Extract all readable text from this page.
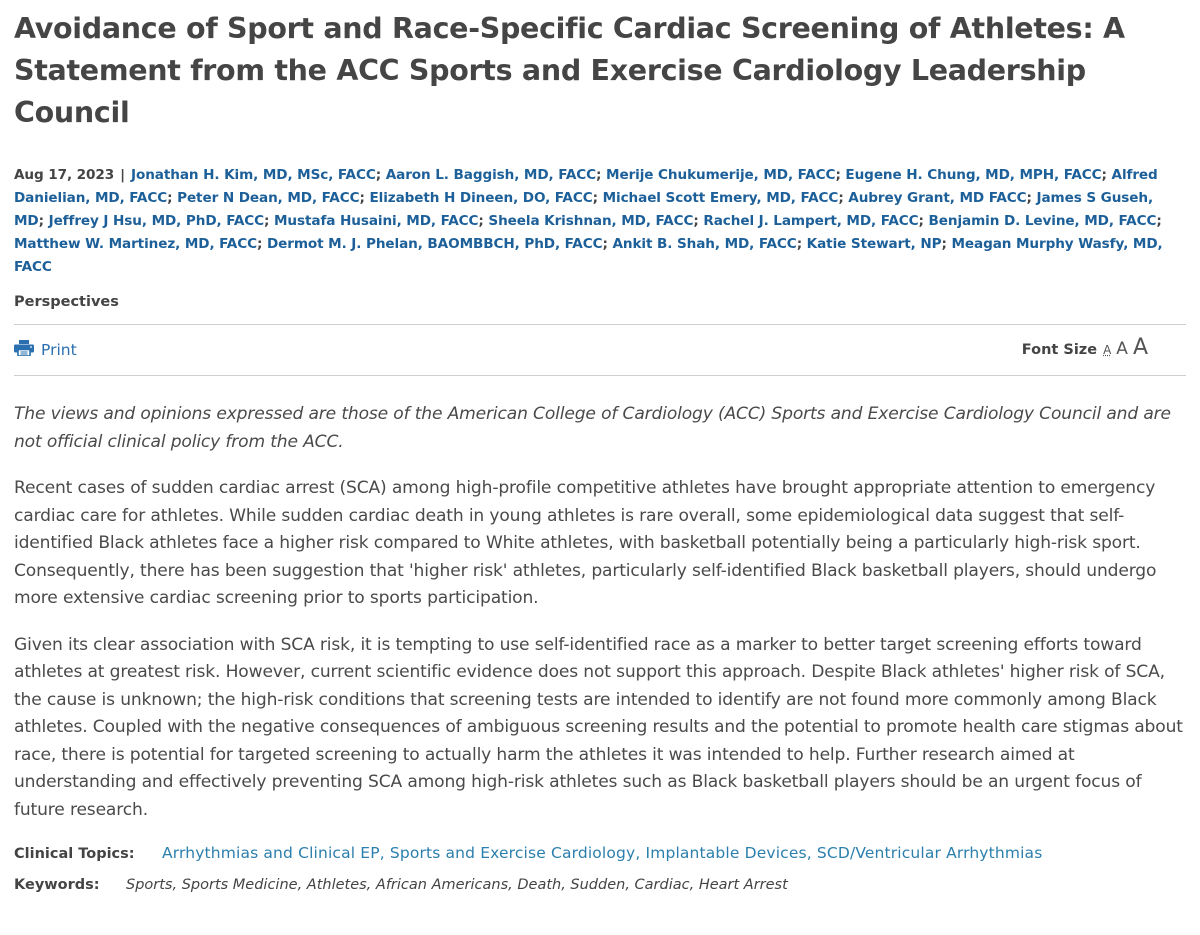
Avoidance of Sport and Race-Specific Cardiac Screening of Athletes: A Statement from the ACC Sports and Exercise Cardiology Leadership Council
Aug 17, 2023 | Jonathan H. Kim, MD, MSc, FACC; Aaron L. Baggish, MD, FACC; Merije Chukumerije, MD, FACC; Eugene H. Chung, MD, MPH, FACC; Alfred Danielian, MD, FACC; Peter N Dean, MD, FACC; Elizabeth H Dineen, DO, FACC; Michael Scott Emery, MD, FACC; Aubrey Grant, MD FACC; James S Guseh, MD; Jeffrey J Hsu, MD, PhD, FACC; Mustafa Husaini, MD, FACC; Sheela Krishnan, MD, FACC; Rachel J. Lampert, MD, FACC; Benjamin D. Levine, MD, FACC; Matthew W. Martinez, MD, FACC; Dermot M. J. Phelan, BAOMBBCH, PhD, FACC; Ankit B. Shah, MD, FACC; Katie Stewart, NP; Meagan Murphy Wasfy, MD, FACC
Perspectives
Print	Font Size A A A

The views and opinions expressed are those of the American College of Cardiology (ACC) Sports and Exercise Cardiology Council and are not official clinical policy from the ACC.

Recent cases of sudden cardiac arrest (SCA) among high-profile competitive athletes have brought appropriate attention to emergency cardiac care for athletes. While sudden cardiac death in young athletes is rare overall, some epidemiological data suggest that self-identified Black athletes face a higher risk compared to White athletes, with basketball potentially being a particularly high-risk sport. Consequently, there has been suggestion that 'higher risk' athletes, particularly self-identified Black basketball players, should undergo more extensive cardiac screening prior to sports participation.

Given its clear association with SCA risk, it is tempting to use self-identified race as a marker to better target screening efforts toward athletes at greatest risk. However, current scientific evidence does not support this approach. Despite Black athletes' higher risk of SCA, the cause is unknown; the high-risk conditions that screening tests are intended to identify are not found more commonly among Black athletes. Coupled with the negative consequences of ambiguous screening results and the potential to promote health care stigmas about race, there is potential for targeted screening to actually harm the athletes it was intended to help. Further research aimed at understanding and effectively preventing SCA among high-risk athletes such as Black basketball players should be an urgent focus of future research.

Clinical Topics:	Arrhythmias and Clinical EP, Sports and Exercise Cardiology, Implantable Devices, SCD/Ventricular Arrhythmias
Keywords:	Sports, Sports Medicine, Athletes, African Americans, Death, Sudden, Cardiac, Heart Arrest
